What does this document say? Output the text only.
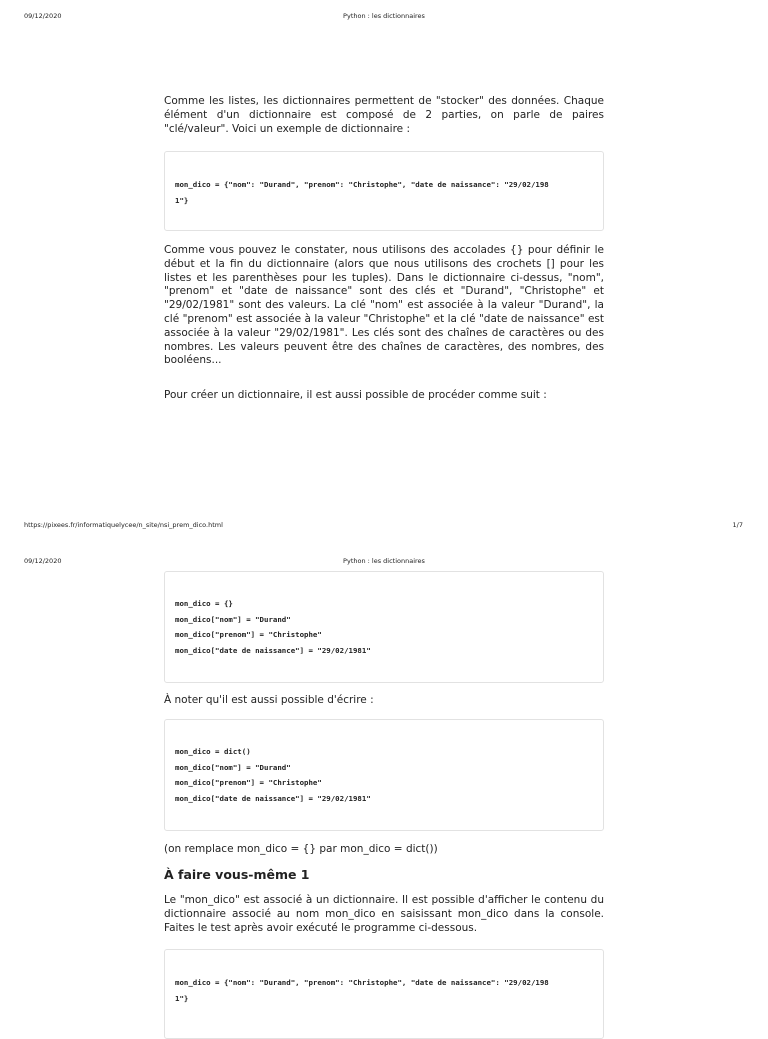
09/12/2020	Python : les dictionnaires

Comme les listes, les dictionnaires permettent de "stocker" des données. Chaque élément d'un dictionnaire est composé de 2 parties, on parle de paires "clé/valeur". Voici un exemple de dictionnaire :

mon_dico = {"nom": "Durand", "prenom": "Christophe", "date de naissance": "29/02/198
1"}

Comme vous pouvez le constater, nous utilisons des accolades {} pour définir le début et la fin du dictionnaire (alors que nous utilisons des crochets [] pour les listes et les parenthèses pour les tuples). Dans le dictionnaire ci-dessus, "nom", "prenom" et "date de naissance" sont des clés et "Durand", "Christophe" et "29/02/1981" sont des valeurs. La clé "nom" est associée à la valeur "Durand", la clé "prenom" est associée à la valeur "Christophe" et la clé "date de naissance" est associée à la valeur "29/02/1981". Les clés sont des chaînes de caractères ou des nombres. Les valeurs peuvent être des chaînes de caractères, des nombres, des booléens...

Pour créer un dictionnaire, il est aussi possible de procéder comme suit :

https://pixees.fr/informatiquelycee/n_site/nsi_prem_dico.html	1/7
09/12/2020	Python : les dictionnaires
mon_dico = {}
mon_dico["nom"] = "Durand"
mon_dico["prenom"] = "Christophe"
mon_dico["date de naissance"] = "29/02/1981"

À noter qu'il est aussi possible d'écrire :

mon_dico = dict()
mon_dico["nom"] = "Durand"
mon_dico["prenom"] = "Christophe"
mon_dico["date de naissance"] = "29/02/1981"

(on remplace mon_dico = {} par mon_dico = dict())

À faire vous-même 1

Le "mon_dico" est associé à un dictionnaire. Il est possible d'afficher le contenu du dictionnaire associé au nom mon_dico en saisissant mon_dico dans la console. Faites le test après avoir exécuté le programme ci-dessous.

mon_dico = {"nom": "Durand", "prenom": "Christophe", "date de naissance": "29/02/198
1"}
